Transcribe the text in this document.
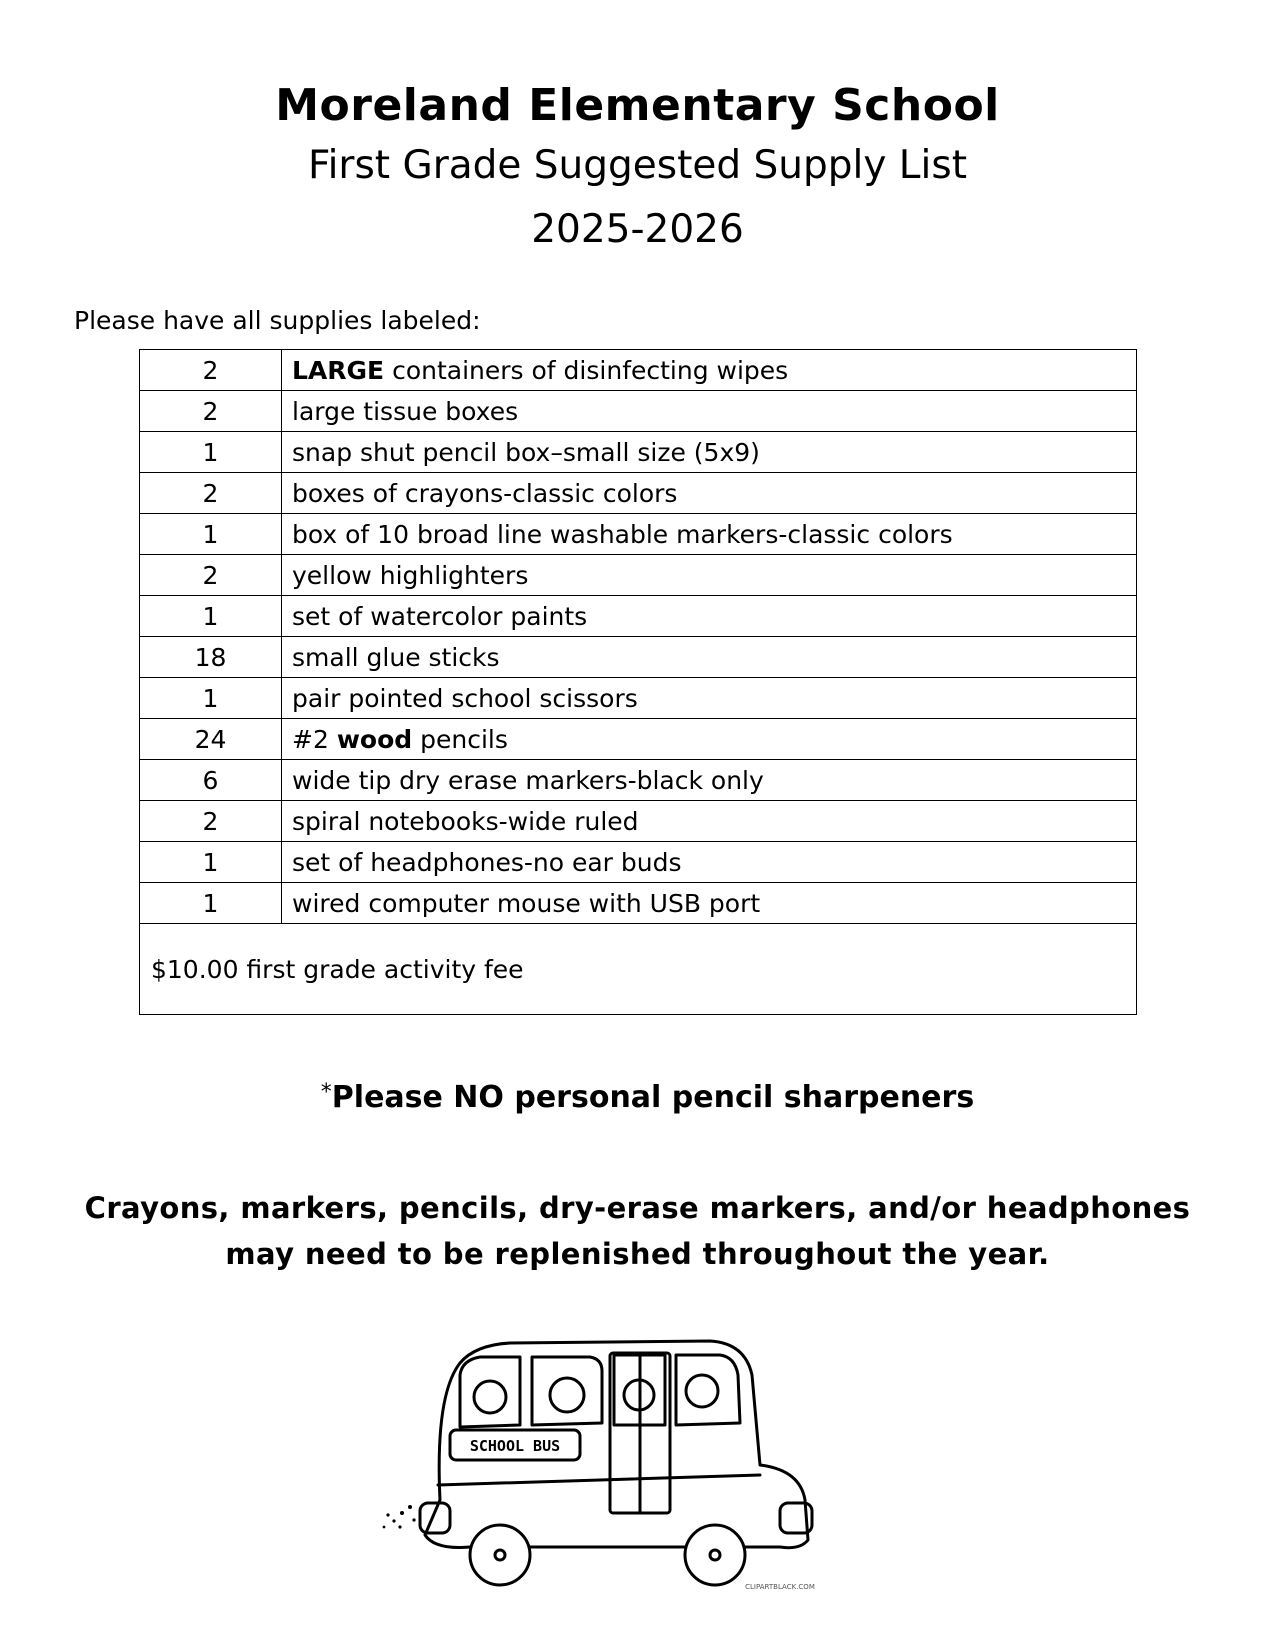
Moreland Elementary School
First Grade Suggested Supply List
2025-2026
Please have all supplies labeled:
2	LARGE containers of disinfecting wipes
2	large tissue boxes
1	snap shut pencil box–small size (5x9)
2	boxes of crayons-classic colors
1	box of 10 broad line washable markers-classic colors
2	yellow highlighters
1	set of watercolor paints
18	small glue sticks
1	pair pointed school scissors
24	#2 wood pencils
6	wide tip dry erase markers-black only
2	spiral notebooks-wide ruled
1	set of headphones-no ear buds
1	wired computer mouse with USB port
$10.00 first grade activity fee	
*Please NO personal pencil sharpeners
Crayons, markers, pencils, dry-erase markers, and/or headphones
may need to be replenished throughout the year.
SCHOOL BUS
CLIPARTBLACK.COM
